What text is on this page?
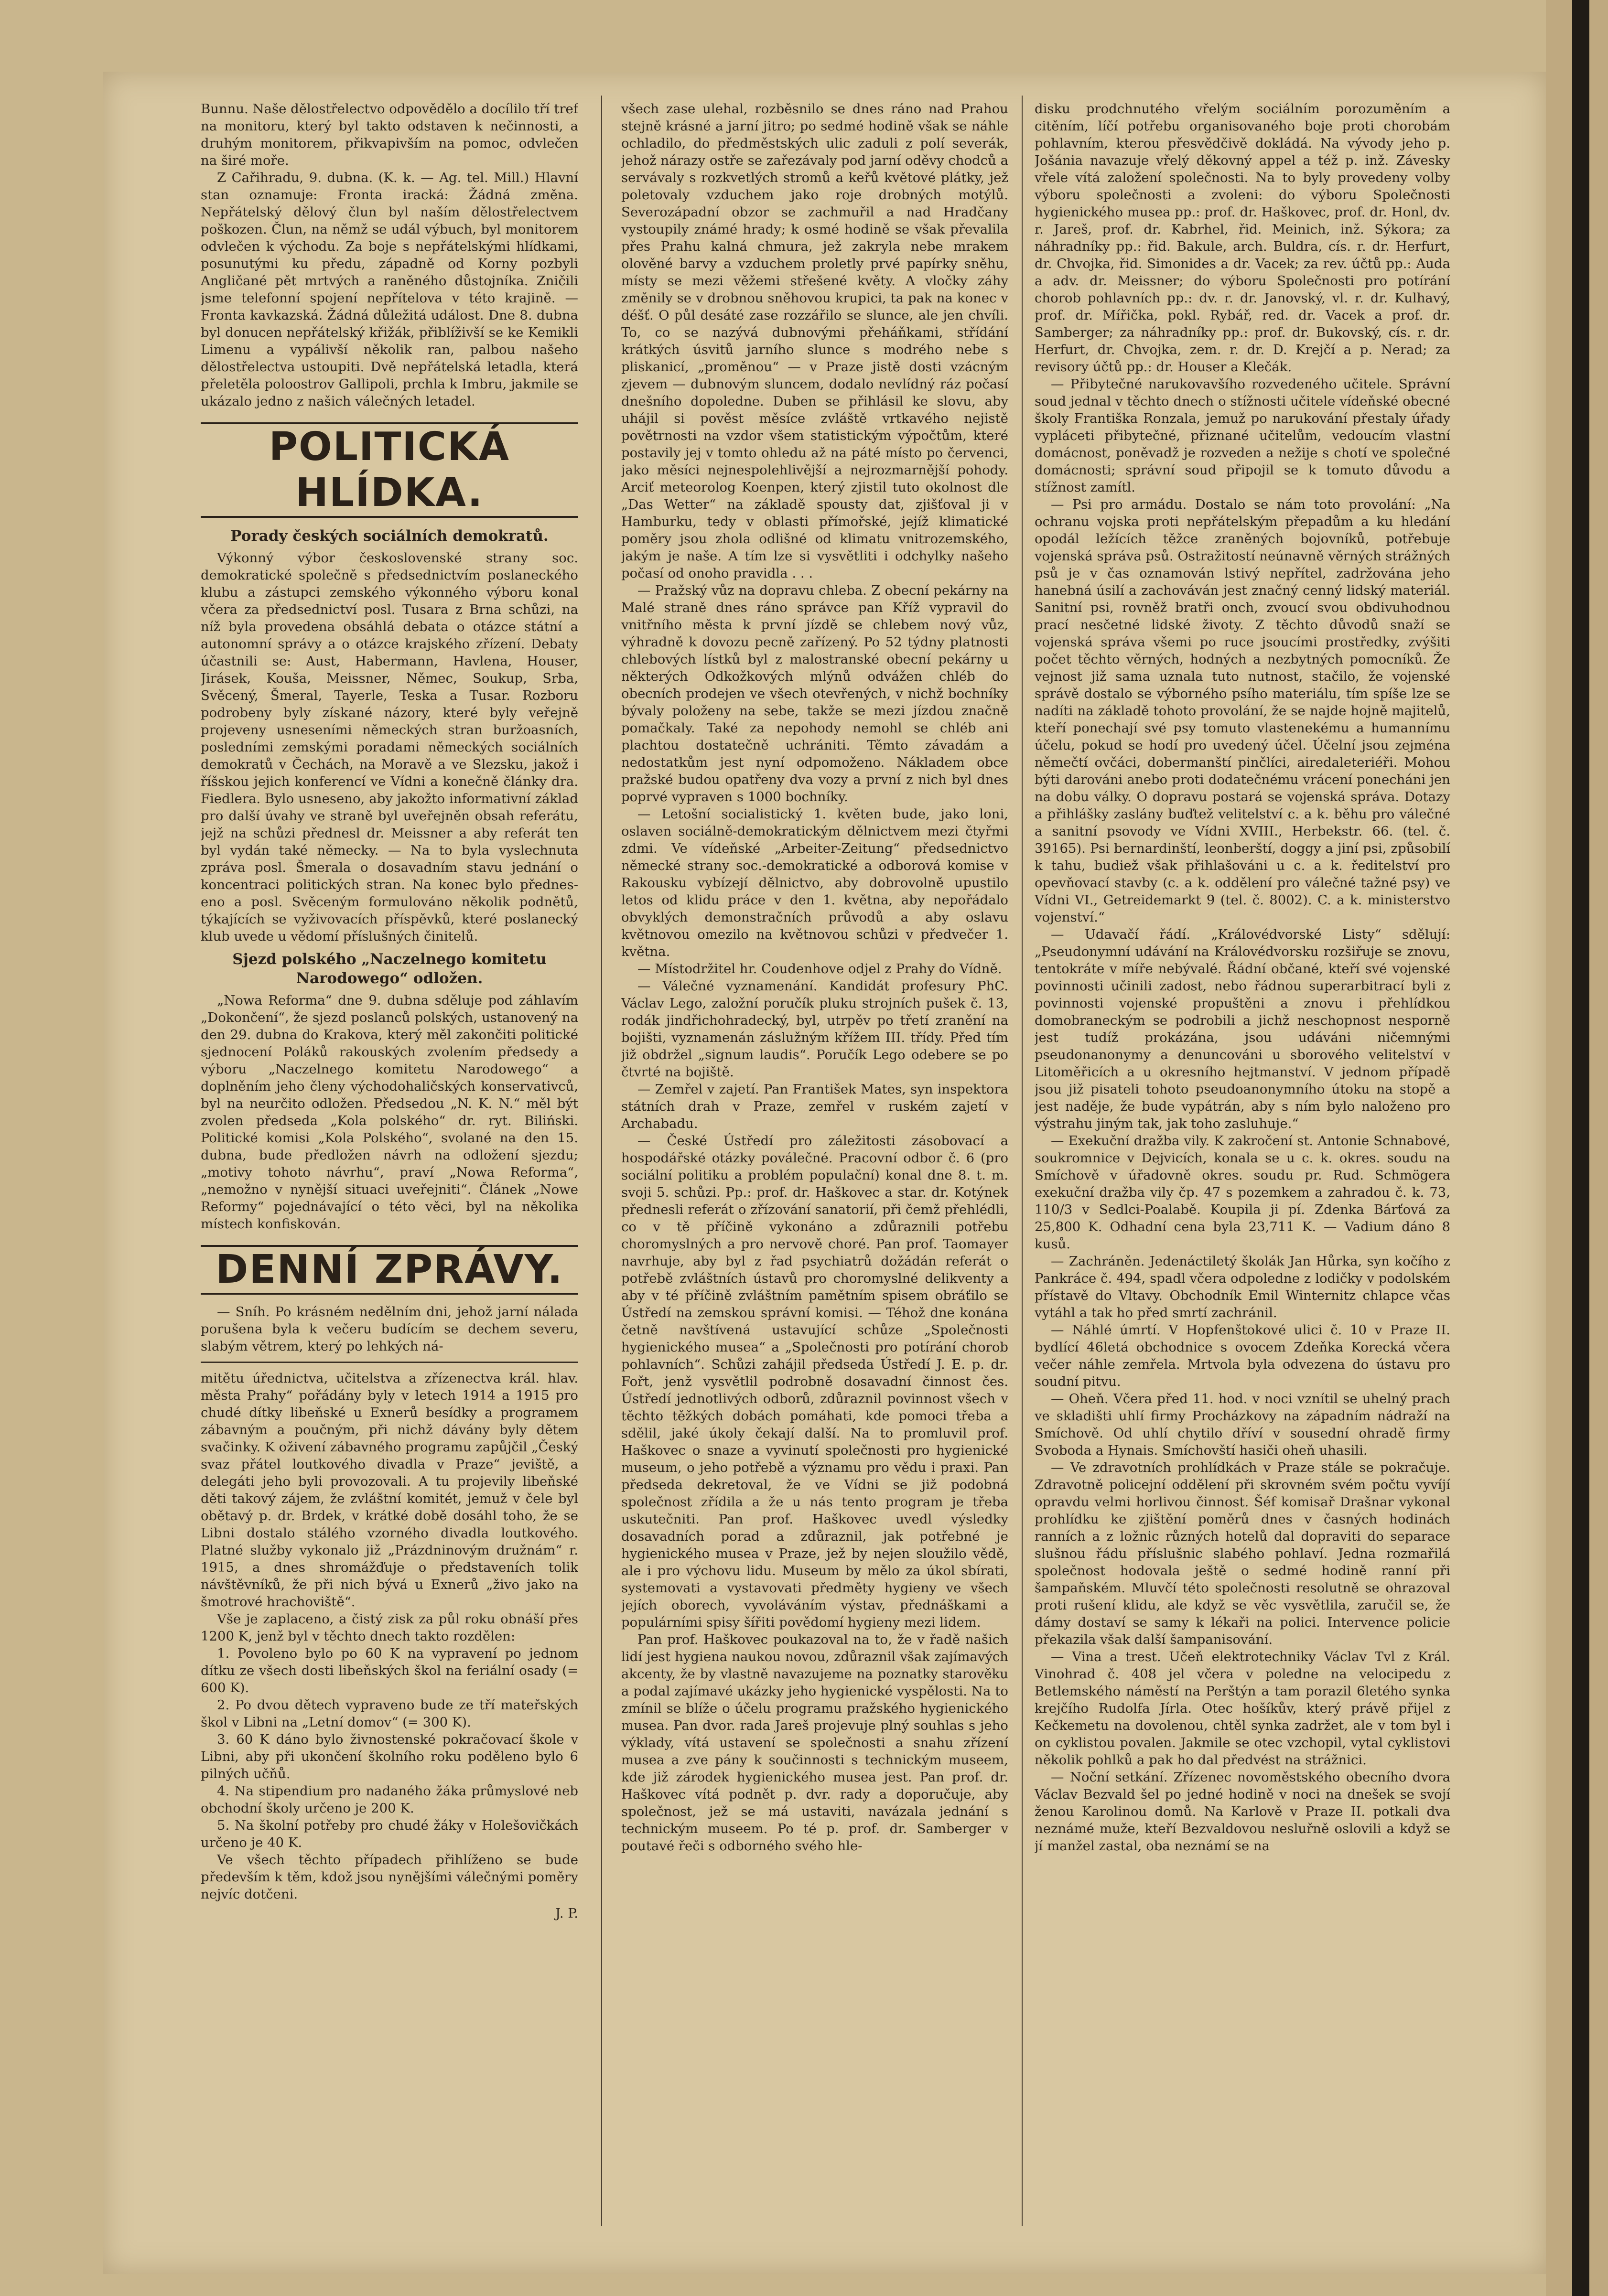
Bunnu. Naše dělostřelectvo odpovědělo a docílilo tří tref na monitoru, který byl takto odstaven k nečinnosti, a druhým monitorem, přikvapivším na pomoc, odvlečen na širé moře.

Z Cařihradu, 9. dubna. (K. k. — Ag. tel. Mill.) Hlavní stan oznamuje: Fronta iracká: Žádná změna. Nepřátelský dělový člun byl naším dělostřelectvem poškozen. Člun, na němž se udál výbuch, byl monitorem odvlečen k východu. Za boje s nepřátelskými hlídkami, posunutými ku předu, západně od Korny pozbyli Angličané pět mrtvých a raněného důstojníka. Zničili jsme telefonní spojení nepřítelova v této krajině. — Fronta kavkazská. Žádná důležitá událost. Dne 8. dubna byl donucen nepřátelský křižák, přiblíživší se ke Kemikli Limenu a vypálivší několik ran, palbou našeho dělostřelectva ustoupiti. Dvě nepřátelská letadla, která přeletěla poloostrov Gallipoli, prchla k Imbru, jakmile se ukázalo jedno z našich válečných letadel.

POLITICKÁ HLÍDKA.
Porady českých sociálních demokratů.

Výkonný výbor československé strany soc. demokratické společně s předsednictvím poslaneckého klubu a zástupci zemského výkonného výboru konal včera za předsednictví posl. Tusara z Brna schůzi, na níž byla provedena obsáhlá debata o otázce státní a autonomní správy a o otázce krajského zřízení. Debaty účastnili se: Aust, Habermann, Havlena, Houser, Jirásek, Kouša, Meissner, Němec, Soukup, Srba, Svěcený, Šmeral, Tayerle, Teska a Tusar. Rozboru podrobeny byly získané názory, které byly veřejně projeveny usneseními německých stran buržoasních, posledními zemskými poradami německých sociálních demokratů v Čechách, na Moravě a ve Slezsku, jakož i říšskou jejich konferencí ve Vídni a konečně články dra. Fiedlera. Bylo usneseno, aby jakožto informativní základ pro další úvahy ve straně byl uveřejněn obsah referátu, jejž na schůzi přednesl dr. Meissner a aby referát ten byl vydán také německy. — Na to byla vyslechnuta zpráva posl. Šmerala o dosavadním stavu jednání o koncentraci politických stran. Na konec bylo předneseno a posl. Svěceným formulováno několik podnětů, týkajících se vyživovacích příspěvků, které poslanecký klub uvede u vědomí příslušných činitelů.

Sjezd polského „Naczelnego komitetu Narodowego“ odložen.

„Nowa Reforma“ dne 9. dubna sděluje pod záhlavím „Dokončení“, že sjezd poslanců polských, ustanovený na den 29. dubna do Krakova, který měl zakončiti politické sjednocení Poláků rakouských zvolením předsedy a výboru „Naczelnego komitetu Narodowego“ a doplněním jeho členy východohaličských konservativců, byl na neurčito odložen. Předsedou „N. K. N.“ měl být zvolen předseda „Kola polského“ dr. ryt. Biliński. Politické komisi „Kola Polského“, svolané na den 15. dubna, bude předložen návrh na odložení sjezdu; „motivy tohoto návrhu“, praví „Nowa Reforma“, „nemožno v nynější situaci uveřejniti“. Článek „Nowe Reformy“ pojednávající o této věci, byl na několika místech konfiskován.

DENNÍ ZPRÁVY.

— Sníh. Po krásném nedělním dni, jehož jarní nálada porušena byla k večeru budícím se dechem severu, slabým větrem, který po lehkých ná-

mitětu úřednictva, učitelstva a zřízenectva král. hlav. města Prahy“ pořádány byly v letech 1914 a 1915 pro chudé dítky libeňské u Exnerů besídky a programem zábavným a poučným, při nichž dávány byly dětem svačinky. K oživení zábavného programu zapůjčil „Český svaz přátel loutkového divadla v Praze“ jeviště, a delegáti jeho byli provozovali. A tu projevily libeňské děti takový zájem, že zvláštní komitét, jemuž v čele byl obětavý p. dr. Brdek, v krátké době dosáhl toho, že se Libni dostalo stálého vzorného divadla loutkového. Platné služby vykonalo již „Prázdninovým družnám“ r. 1915, a dnes shromážďuje o představeních tolik návštěvníků, že při nich bývá u Exnerů „živo jako na šmotrové hrachoviště“.

Vše je zaplaceno, a čistý zisk za půl roku obnáší přes 1200 K, jenž byl v těchto dnech takto rozdělen:

1. Povoleno bylo po 60 K na vypravení po jednom dítku ze všech dosti libeňských škol na feriální osady (= 600 K).

2. Po dvou dětech vypraveno bude ze tří mateřských škol v Libni na „Letní domov“ (= 300 K).

3. 60 K dáno bylo živnostenské pokračovací škole v Libni, aby při ukončení školního roku poděleno bylo 6 pilných učňů.

4. Na stipendium pro nadaného žáka průmyslové neb obchodní školy určeno je 200 K.

5. Na školní potřeby pro chudé žáky v Holešovičkách určeno je 40 K.

Ve všech těchto případech přihlíženo se bude především k těm, kdož jsou nynějšími válečnými poměry nejvíc dotčeni.

J. P.

všech zase ulehal, rozběsnilo se dnes ráno nad Prahou stejně krásné a jarní jitro; po sedmé hodině však se náhle ochladilo, do předměstských ulic zaduli z polí severák, jehož nárazy ostře se zařezávaly pod jarní oděvy chodců a servávaly s rozkvetlých stromů a keřů květové plátky, jež poletovaly vzduchem jako roje drobných motýlů. Severozápadní obzor se zachmuřil a nad Hradčany vystoupily známé hrady; k osmé hodině se však převalila přes Prahu kalná chmura, jež zakryla nebe mrakem olověné barvy a vzduchem proletly prvé papírky sněhu, místy se mezi věžemi střešené květy. A vločky záhy změnily se v drobnou sněhovou krupici, ta pak na konec v déšť. O půl desáté zase rozzářilo se slunce, ale jen chvíli. To, co se nazývá dubnovými přeháňkami, střídání krátkých úsvitů jarního slunce s modrého nebe s pliskanicí, „proměnou“ — v Praze jistě dosti vzácným zjevem — dubnovým sluncem, dodalo nevlídný ráz počasí dnešního dopoledne. Duben se přihlásil ke slovu, aby uhájil si pověst měsíce zvláště vrtkavého nejistě povětrnosti na vzdor všem statistickým výpočtům, které postavily jej v tomto ohledu až na páté místo po červenci, jako měsíci nejnespolehlivější a nejrozmarnější pohody. Arciť meteorolog Koenpen, který zjistil tuto okolnost dle „Das Wetter“ na základě spousty dat, zjišťoval ji v Hamburku, tedy v oblasti přímořské, jejíž klimatické poměry jsou zhola odlišné od klimatu vnitrozemského, jakým je naše. A tím lze si vysvětliti i odchylky našeho počasí od onoho pravidla . . .

— Pražský vůz na dopravu chleba. Z obecní pekárny na Malé straně dnes ráno správce pan Kříž vypravil do vnitřního města k první jízdě se chlebem nový vůz, výhradně k dovozu pecně zařízený. Po 52 týdny platnosti chlebových lístků byl z malostranské obecní pekárny u některých Odkožkových mlýnů odvážen chléb do obecních prodejen ve všech otevřených, v nichž bochníky bývaly položeny na sebe, takže se mezi jízdou značně pomačkaly. Také za nepohody nemohl se chléb ani plachtou dostatečně uchrániti. Těmto závadám a nedostatkům jest nyní odpomoženo. Nákladem obce pražské budou opatřeny dva vozy a první z nich byl dnes poprvé vypraven s 1000 bochníky.

— Letošní socialistický 1. květen bude, jako loni, oslaven sociálně-demokratickým dělnictvem mezi čtyřmi zdmi. Ve vídeňské „Arbeiter-Zeitung“ předsednictvo německé strany soc.-demokratické a odborová komise v Rakousku vybízejí dělnictvo, aby dobrovolně upustilo letos od klidu práce v den 1. května, aby nepořádalo obvyklých demonstračních průvodů a aby oslavu květnovou omezilo na květnovou schůzi v předvečer 1. května.

— Místodržitel hr. Coudenhove odjel z Prahy do Vídně.

— Válečné vyznamenání. Kandidát profesury PhC. Václav Lego, založní poručík pluku strojních pušek č. 13, rodák jindřichohradecký, byl, utrpěv po třetí zranění na bojišti, vyznamenán záslužným křížem III. třídy. Před tím již obdržel „signum laudis“. Poručík Lego odebere se po čtvrté na bojiště.

— Zemřel v zajetí. Pan František Mates, syn inspektora státních drah v Praze, zemřel v ruském zajetí v Archabadu.

— České Ústředí pro záležitosti zásobovací a hospodářské otázky poválečné. Pracovní odbor č. 6 (pro sociální politiku a problém populační) konal dne 8. t. m. svoji 5. schůzi. Pp.: prof. dr. Haškovec a star. dr. Kotýnek přednesli referát o zřízování sanatorií, při čemž přehlédli, co v tě příčině vykonáno a zdůraznili potřebu choromyslných a pro nervově choré. Pan prof. Taomayer navrhuje, aby byl z řad psychiatrů dožádán referát o potřebě zvláštních ústavů pro choromyslné delikventy a aby v té příčině zvláštním pamětním spisem obráťilo se Ústředí na zemskou správní komisi. — Téhož dne konána četně navštívená ustavující schůze „Společnosti hygienického musea“ a „Společnosti pro potírání chorob pohlavních“. Schůzi zahájil předseda Ústředí J. E. p. dr. Fořt, jenž vysvětlil podrobně dosavadní činnost čes. Ústředí jednotlivých odborů, zdůraznil povinnost všech v těchto těžkých dobách pomáhati, kde pomoci třeba a sdělil, jaké úkoly čekají další. Na to promluvil prof. Haškovec o snaze a vyvinutí společnosti pro hygienické museum, o jeho potřebě a významu pro vědu i praxi. Pan předseda dekretoval, že ve Vídni se již podobná společnost zřídila a že u nás tento program je třeba uskutečniti. Pan prof. Haškovec uvedl výsledky dosavadních porad a zdůraznil, jak potřebné je hygienického musea v Praze, jež by nejen sloužilo vědě, ale i pro výchovu lidu. Museum by mělo za úkol sbírati, systemovati a vystavovati předměty hygieny ve všech jejích oborech, vyvoláváním výstav, přednáškami a populárními spisy šířiti povědomí hygieny mezi lidem.

Pan prof. Haškovec poukazoval na to, že v řadě našich lidí jest hygiena naukou novou, zdůraznil však zajímavých akcenty, že by vlastně navazujeme na poznatky starověku a podal zajímavé ukázky jeho hygienické vyspělosti. Na to zmínil se blíže o účelu programu pražského hygienického musea. Pan dvor. rada Jareš projevuje plný souhlas s jeho výklady, vítá ustavení se společnosti a snahu zřízení musea a zve pány k součinnosti s technickým museem, kde již zárodek hygienického musea jest. Pan prof. dr. Haškovec vítá podnět p. dvr. rady a doporučuje, aby společnost, jež se má ustaviti, navázala jednání s technickým museem. Po té p. prof. dr. Samberger v poutavé řeči s odborného svého hle-

disku prodchnutého vřelým sociálním porozuměním a citěním, líčí potřebu organisovaného boje proti chorobám pohlavním, kterou přesvědčivě dokládá. Na vývody jeho p. Jošánia navazuje vřelý děkovný appel a též p. inž. Závesky vřele vítá založení společnosti. Na to byly provedeny volby výboru společnosti a zvoleni: do výboru Společnosti hygienického musea pp.: prof. dr. Haškovec, prof. dr. Honl, dv. r. Jareš, prof. dr. Kabrhel, řid. Meinich, inž. Sýkora; za náhradníky pp.: řid. Bakule, arch. Buldra, cís. r. dr. Herfurt, dr. Chvojka, řid. Simonides a dr. Vacek; za rev. účtů pp.: Auda a adv. dr. Meissner; do výboru Společnosti pro potírání chorob pohlavních pp.: dv. r. dr. Janovský, vl. r. dr. Kulhavý, prof. dr. Mířička, pokl. Rybář, red. dr. Vacek a prof. dr. Samberger; za náhradníky pp.: prof. dr. Bukovský, cís. r. dr. Herfurt, dr. Chvojka, zem. r. dr. D. Krejčí a p. Nerad; za revisory účtů pp.: dr. Houser a Klečák.

— Přibytečné narukovavšího rozvedeného učitele. Správní soud jednal v těchto dnech o stížnosti učitele vídeňské obecné školy Františka Ronzala, jemuž po narukování přestaly úřady vypláceti přibytečné, přiznané učitelům, vedoucím vlastní domácnost, poněvadž je rozveden a nežije s chotí ve společné domácnosti; správní soud připojil se k tomuto důvodu a stížnost zamítl.

— Psi pro armádu. Dostalo se nám toto provolání: „Na ochranu vojska proti nepřátelským přepadům a ku hledání opodál ležících těžce zraněných bojovníků, potřebuje vojenská správa psů. Ostražitostí neúnavně věrných strážných psů je v čas oznamován lstivý nepřítel, zadržována jeho hanebná úsilí a zachováván jest značný cenný lidský materiál. Sanitní psi, rovněž bratři onch, zvoucí svou obdivuhodnou prací nesčetné lidské životy. Z těchto důvodů snaží se vojenská správa všemi po ruce jsoucími prostředky, zvýšiti počet těchto věrných, hodných a nezbytných pomocníků. Že vejnost již sama uznala tuto nutnost, stačilo, že vojenské správě dostalo se výborného psího materiálu, tím spíše lze se nadíti na základě tohoto provolání, že se najde hojně majitelů, kteří ponechají své psy tomuto vlastenekému a humannímu účelu, pokud se hodí pro uvedený účel. Účelní jsou zejména němečtí ovčáci, dobermanští pinčlíci, airedaleteriéři. Mohou býti darováni anebo proti dodatečnému vrácení ponecháni jen na dobu války. O dopravu postará se vojenská správa. Dotazy a přihlášky zaslány buďtež velitelství c. a k. běhu pro válečné a sanitní psovody ve Vídni XVIII., Herbekstr. 66. (tel. č. 39165). Psi bernardinští, leonberští, doggy a jiní psi, způsobilí k tahu, budiež však přihlašováni u c. a k. ředitelství pro opevňovací stavby (c. a k. oddělení pro válečné tažné psy) ve Vídni VI., Getreidemarkt 9 (tel. č. 8002). C. a k. ministerstvo vojenství.“

— Udavačí řádí. „Královédvorské Listy“ sdělují: „Pseudonymní udávání na Královédvorsku rozšiřuje se znovu, tentokráte v míře nebývalé. Řádní občané, kteří své vojenské povinnosti učinili zadost, nebo řádnou superarbitrací byli z povinnosti vojenské propuštěni a znovu i přehlídkou domobraneckým se podrobili a jichž neschopnost nesporně jest tudíž prokázána, jsou udáváni ničemnými pseudonanonymy a denuncováni u sborového velitelství v Litoměřicích a u okresního hejtmanství. V jednom případě jsou již pisateli tohoto pseudoanonymního útoku na stopě a jest naděje, že bude vypátrán, aby s ním bylo naloženo pro výstrahu jiným tak, jak toho zasluhuje.“

— Exekuční dražba vily. K zakročení st. Antonie Schnabové, soukromnice v Dejvicích, konala se u c. k. okres. soudu na Smíchově v úřadovně okres. soudu pr. Rud. Schmögera exekuční dražba vily čp. 47 s pozemkem a zahradou č. k. 73, 110/3 v Sedlci-Poalabě. Koupila ji pí. Zdenka Bárťová za 25,800 K. Odhadní cena byla 23,711 K. — Vadium dáno 8 kusů.

— Zachráněn. Jedenáctiletý školák Jan Hůrka, syn kočího z Pankráce č. 494, spadl včera odpoledne z lodičky v podolském přístavě do Vltavy. Obchodník Emil Winternitz chlapce včas vytáhl a tak ho před smrtí zachránil.

— Náhlé úmrtí. V Hopfenštokové ulici č. 10 v Praze II. bydlící 46letá obchodnice s ovocem Zdeňka Korecká včera večer náhle zemřela. Mrtvola byla odvezena do ústavu pro soudní pitvu.

— Oheň. Včera před 11. hod. v noci vznítil se uhelný prach ve skladišti uhlí firmy Procházkovy na západním nádraží na Smíchově. Od uhlí chytilo dříví v sousední ohradě firmy Svoboda a Hynais. Smíchovští hasiči oheň uhasili.

— Ve zdravotních prohlídkách v Praze stále se pokračuje. Zdravotně policejní oddělení při skrovném svém počtu vyvíjí opravdu velmi horlivou činnost. Šéf komisař Drašnar vykonal prohlídku ke zjištění poměrů dnes v časných hodinách ranních a z ložnic různých hotelů dal dopraviti do separace slušnou řádu příslušnic slabého pohlaví. Jedna rozmařilá společnost hodovala ještě o sedmé hodině ranní při šampaňském. Mluvčí této společnosti resolutně se ohrazoval proti rušení klidu, ale když se věc vysvětlila, zaručil se, že dámy dostaví se samy k lékaři na polici. Intervence policie překazila však další šampanisování.

— Vina a trest. Učeň elektrotechniky Václav Tvl z Král. Vinohrad č. 408 jel včera v poledne na velocipedu z Betlemského náměstí na Perštýn a tam porazil 6letého synka krejčího Rudolfa Jírla. Otec hošíkův, který právě přijel z Kečkemetu na dovolenou, chtěl synka zadržet, ale v tom byl i on cyklistou povalen. Jakmile se otec vzchopil, vytal cyklistovi několik pohlků a pak ho dal předvést na strážnici.

— Noční setkání. Zřízenec novoměstského obecního dvora Václav Bezvald šel po jedné hodině v noci na dnešek se svojí ženou Karolinou domů. Na Karlově v Praze II. potkali dva neznámé muže, kteří Bezvaldovou nesluřně oslovili a když se jí manžel zastal, oba neznámí se na
